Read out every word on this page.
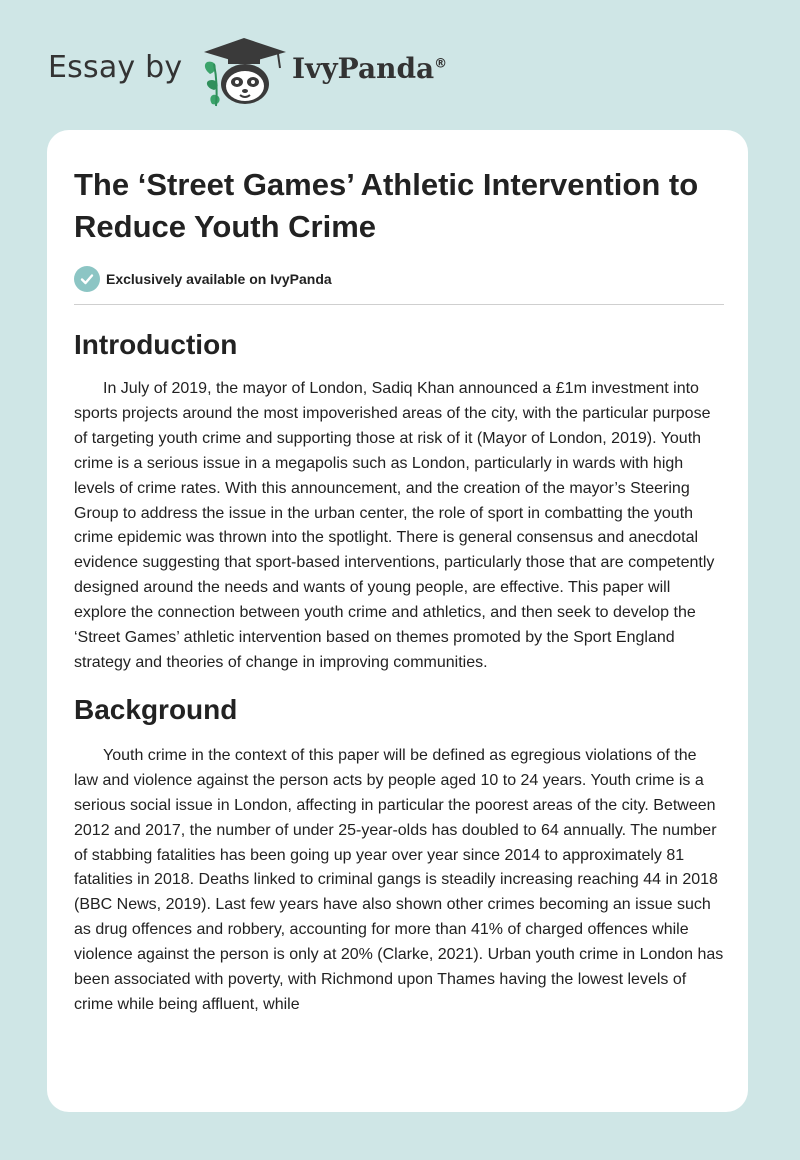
Essay by	IvyPanda®
The ‘Street Games’ Athletic Intervention to Reduce Youth Crime
Exclusively available on IvyPanda
Introduction

In July of 2019, the mayor of London, Sadiq Khan announced a £1m investment into sports projects around the most impoverished areas of the city, with the particular purpose of targeting youth crime and supporting those at risk of it (Mayor of London, 2019). Youth crime is a serious issue in a megapolis such as London, particularly in wards with high levels of crime rates. With this announcement, and the creation of the mayor’s Steering Group to address the issue in the urban center, the role of sport in combatting the youth crime epidemic was thrown into the spotlight. There is general consensus and anecdotal evidence suggesting that sport-based interventions, particularly those that are competently designed around the needs and wants of young people, are effective. This paper will explore the connection between youth crime and athletics, and then seek to develop the ‘Street Games’ athletic intervention based on themes promoted by the Sport England strategy and theories of change in improving communities.

Background

Youth crime in the context of this paper will be defined as egregious violations of the law and violence against the person acts by people aged 10 to 24 years. Youth crime is a serious social issue in London, affecting in particular the poorest areas of the city. Between 2012 and 2017, the number of under 25-year-olds has doubled to 64 annually. The number of stabbing fatalities has been going up year over year since 2014 to approximately 81 fatalities in 2018. Deaths linked to criminal gangs is steadily increasing reaching 44 in 2018 (BBC News, 2019). Last few years have also shown other crimes becoming an issue such as drug offences and robbery, accounting for more than 41% of charged offences while violence against the person is only at 20% (Clarke, 2021). Urban youth crime in London has been associated with poverty, with Richmond upon Thames having the lowest levels of crime while being affluent, while
